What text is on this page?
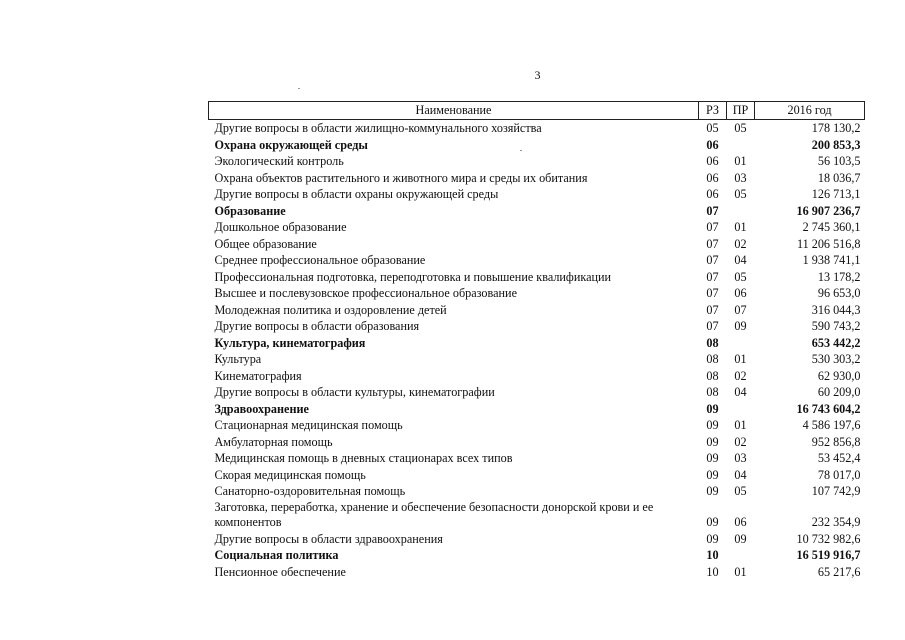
3
Наименование	РЗ	ПР	2016 год
Другие вопросы в области жилищно-коммунального хозяйства	05	05	178 130,2
Охрана окружающей среды	06		200 853,3
Экологический контроль	06	01	56 103,5
Охрана объектов растительного и животного мира и среды их обитания	06	03	18 036,7
Другие вопросы в области охраны окружающей среды	06	05	126 713,1
Образование	07		16 907 236,7
Дошкольное образование	07	01	2 745 360,1
Общее образование	07	02	11 206 516,8
Среднее профессиональное образование	07	04	1 938 741,1
Профессиональная подготовка, переподготовка и повышение квалификации	07	05	13 178,2
Высшее и послевузовское профессиональное образование	07	06	96 653,0
Молодежная политика и оздоровление детей	07	07	316 044,3
Другие вопросы в области образования	07	09	590 743,2
Культура, кинематография	08		653 442,2
Культура	08	01	530 303,2
Кинематография	08	02	62 930,0
Другие вопросы в области культуры, кинематографии	08	04	60 209,0
Здравоохранение	09		16 743 604,2
Стационарная медицинская помощь	09	01	4 586 197,6
Амбулаторная помощь	09	02	952 856,8
Медицинская помощь в дневных стационарах всех типов	09	03	53 452,4
Скорая медицинская помощь	09	04	78 017,0
Санаторно-оздоровительная помощь	09	05	107 742,9
Заготовка, переработка, хранение и обеспечение безопасности донорской крови и ее компонентов	09	06	232 354,9
Другие вопросы в области здравоохранения	09	09	10 732 982,6
Социальная политика	10		16 519 916,7
Пенсионное обеспечение	10	01	65 217,6
